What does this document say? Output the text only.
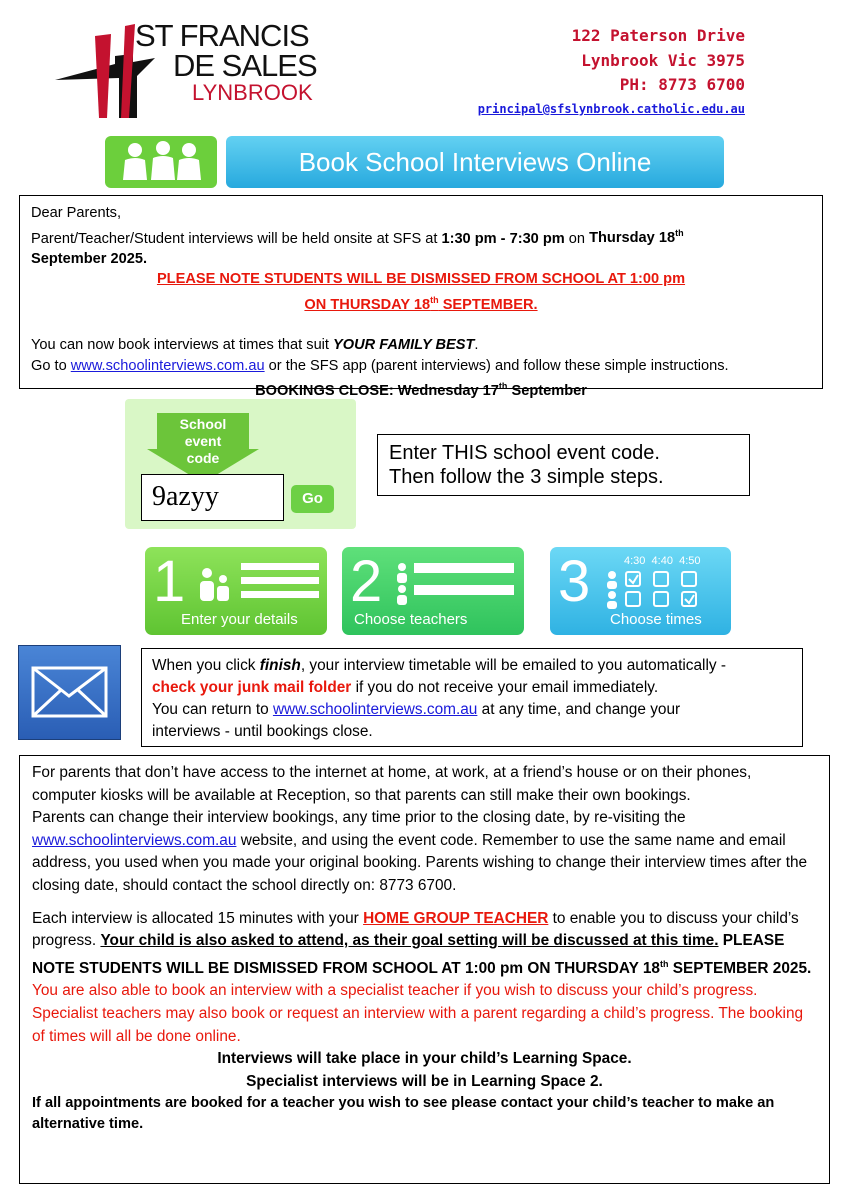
ST FRANCIS
DE SALES
LYNBROOK
122 Paterson Drive
Lynbrook Vic 3975
PH: 8773 6700
principal@sfslynbrook.catholic.edu.au
Book School Interviews Online
Dear Parents,
Parent/Teacher/Student interviews will be held onsite at SFS at 1:30 pm - 7:30 pm on Thursday 18th
September 2025.
PLEASE NOTE STUDENTS WILL BE DISMISSED FROM SCHOOL AT 1:00 pm
ON THURSDAY 18th SEPTEMBER.
You can now book interviews at times that suit YOUR FAMILY BEST.
Go to www.schoolinterviews.com.au or the SFS app (parent interviews) and follow these simple instructions.
BOOKINGS CLOSE: Wednesday 17th September
School
event
code
9azyy	Go
Enter THIS school event code.
Then follow the 3 simple steps.
1
Enter your details
2
Choose teachers
3	4:30 4:40 4:50
Choose times
When you click finish, your interview timetable will be emailed to you automatically -
check your junk mail folder if you do not receive your email immediately.
You can return to www.schoolinterviews.com.au at any time, and change your
interviews - until bookings close.

For parents that don’t have access to the internet at home, at work, at a friend’s house or on their phones, computer kiosks will be available at Reception, so that parents can still make their own bookings.

Parents can change their interview bookings, any time prior to the closing date, by re-visiting the
www.schoolinterviews.com.au website, and using the event code. Remember to use the same name and email address, you used when you made your original booking. Parents wishing to change their interview times after the closing date, should contact the school directly on: 8773 6700.

Each interview is allocated 15 minutes with your HOME GROUP TEACHER to enable you to discuss your child’s progress. Your child is also asked to attend, as their goal setting will be discussed at this time. PLEASE NOTE STUDENTS WILL BE DISMISSED FROM SCHOOL AT 1:00 pm ON THURSDAY 18th SEPTEMBER 2025.

You are also able to book an interview with a specialist teacher if you wish to discuss your child’s progress. Specialist teachers may also book or request an interview with a parent regarding a child’s progress. The booking of times will all be done online.

Interviews will take place in your child’s Learning Space.

Specialist interviews will be in Learning Space 2.

If all appointments are booked for a teacher you wish to see please contact your child’s teacher to make an alternative time.
